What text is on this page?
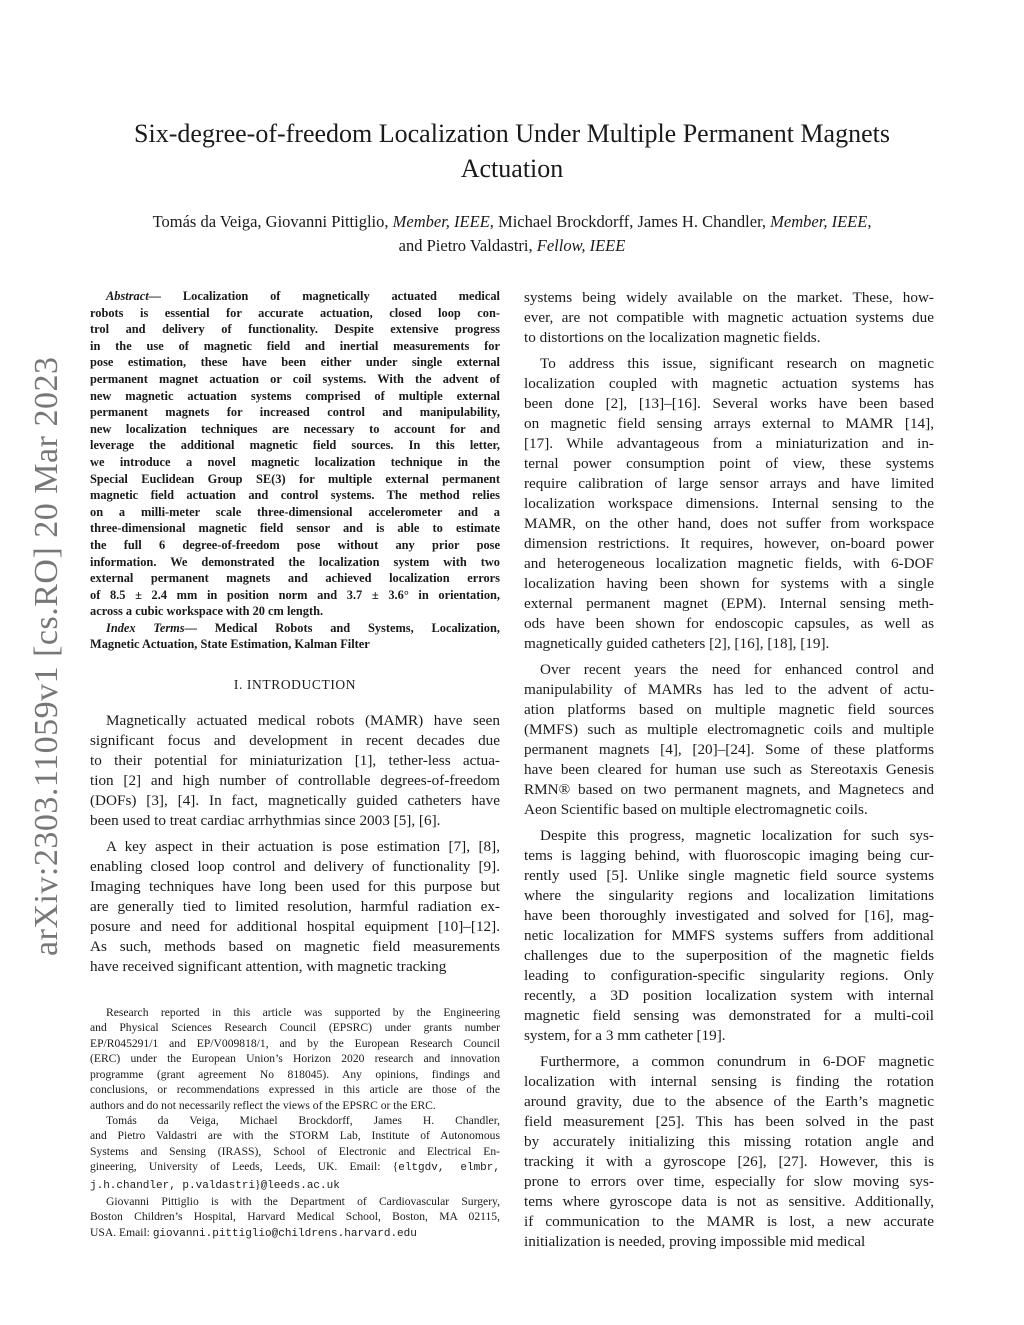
arXiv:2303.11059v1 [cs.RO] 20 Mar 2023
Six-degree-of-freedom Localization Under Multiple Permanent Magnets
Actuation
Tomás da Veiga, Giovanni Pittiglio, Member, IEEE, Michael Brockdorff, James H. Chandler, Member, IEEE,
and Pietro Valdastri, Fellow, IEEE
Abstract— Localization of magnetically actuated medical
robots is essential for accurate actuation, closed loop con-
trol and delivery of functionality. Despite extensive progress
in the use of magnetic field and inertial measurements for
pose estimation, these have been either under single external
permanent magnet actuation or coil systems. With the advent of
new magnetic actuation systems comprised of multiple external
permanent magnets for increased control and manipulability,
new localization techniques are necessary to account for and
leverage the additional magnetic field sources. In this letter,
we introduce a novel magnetic localization technique in the
Special Euclidean Group SE(3) for multiple external permanent
magnetic field actuation and control systems. The method relies
on a milli-meter scale three-dimensional accelerometer and a
three-dimensional magnetic field sensor and is able to estimate
the full 6 degree-of-freedom pose without any prior pose
information. We demonstrated the localization system with two
external permanent magnets and achieved localization errors
of 8.5 ± 2.4 mm in position norm and 3.7 ± 3.6° in orientation,
across a cubic workspace with 20 cm length.
Index Terms— Medical Robots and Systems, Localization,
Magnetic Actuation, State Estimation, Kalman Filter
I. INTRODUCTION
Magnetically actuated medical robots (MAMR) have seen
significant focus and development in recent decades due
to their potential for miniaturization [1], tether-less actua-
tion [2] and high number of controllable degrees-of-freedom
(DOFs) [3], [4]. In fact, magnetically guided catheters have
been used to treat cardiac arrhythmias since 2003 [5], [6].
A key aspect in their actuation is pose estimation [7], [8],
enabling closed loop control and delivery of functionality [9].
Imaging techniques have long been used for this purpose but
are generally tied to limited resolution, harmful radiation ex-
posure and need for additional hospital equipment [10]–[12].
As such, methods based on magnetic field measurements
have received significant attention, with magnetic tracking
Research reported in this article was supported by the Engineering
and Physical Sciences Research Council (EPSRC) under grants number
EP/R045291/1 and EP/V009818/1, and by the European Research Council
(ERC) under the European Union’s Horizon 2020 research and innovation
programme (grant agreement No 818045). Any opinions, findings and
conclusions, or recommendations expressed in this article are those of the
authors and do not necessarily reflect the views of the EPSRC or the ERC.
Tomás da Veiga, Michael Brockdorff, James H. Chandler,
and Pietro Valdastri are with the STORM Lab, Institute of Autonomous
Systems and Sensing (IRASS), School of Electronic and Electrical En-
gineering, University of Leeds, Leeds, UK. Email: {eltgdv, elmbr,
j.h.chandler, p.valdastri}@leeds.ac.uk
Giovanni Pittiglio is with the Department of Cardiovascular Surgery,
Boston Children’s Hospital, Harvard Medical School, Boston, MA 02115,
USA. Email: giovanni.pittiglio@childrens.harvard.edu
systems being widely available on the market. These, how-
ever, are not compatible with magnetic actuation systems due
to distortions on the localization magnetic fields.
To address this issue, significant research on magnetic
localization coupled with magnetic actuation systems has
been done [2], [13]–[16]. Several works have been based
on magnetic field sensing arrays external to MAMR [14],
[17]. While advantageous from a miniaturization and in-
ternal power consumption point of view, these systems
require calibration of large sensor arrays and have limited
localization workspace dimensions. Internal sensing to the
MAMR, on the other hand, does not suffer from workspace
dimension restrictions. It requires, however, on-board power
and heterogeneous localization magnetic fields, with 6-DOF
localization having been shown for systems with a single
external permanent magnet (EPM). Internal sensing meth-
ods have been shown for endoscopic capsules, as well as
magnetically guided catheters [2], [16], [18], [19].
Over recent years the need for enhanced control and
manipulability of MAMRs has led to the advent of actu-
ation platforms based on multiple magnetic field sources
(MMFS) such as multiple electromagnetic coils and multiple
permanent magnets [4], [20]–[24]. Some of these platforms
have been cleared for human use such as Stereotaxis Genesis
RMN® based on two permanent magnets, and Magnetecs and
Aeon Scientific based on multiple electromagnetic coils.
Despite this progress, magnetic localization for such sys-
tems is lagging behind, with fluoroscopic imaging being cur-
rently used [5]. Unlike single magnetic field source systems
where the singularity regions and localization limitations
have been thoroughly investigated and solved for [16], mag-
netic localization for MMFS systems suffers from additional
challenges due to the superposition of the magnetic fields
leading to configuration-specific singularity regions. Only
recently, a 3D position localization system with internal
magnetic field sensing was demonstrated for a multi-coil
system, for a 3 mm catheter [19].
Furthermore, a common conundrum in 6-DOF magnetic
localization with internal sensing is finding the rotation
around gravity, due to the absence of the Earth’s magnetic
field measurement [25]. This has been solved in the past
by accurately initializing this missing rotation angle and
tracking it with a gyroscope [26], [27]. However, this is
prone to errors over time, especially for slow moving sys-
tems where gyroscope data is not as sensitive. Additionally,
if communication to the MAMR is lost, a new accurate
initialization is needed, proving impossible mid medical
